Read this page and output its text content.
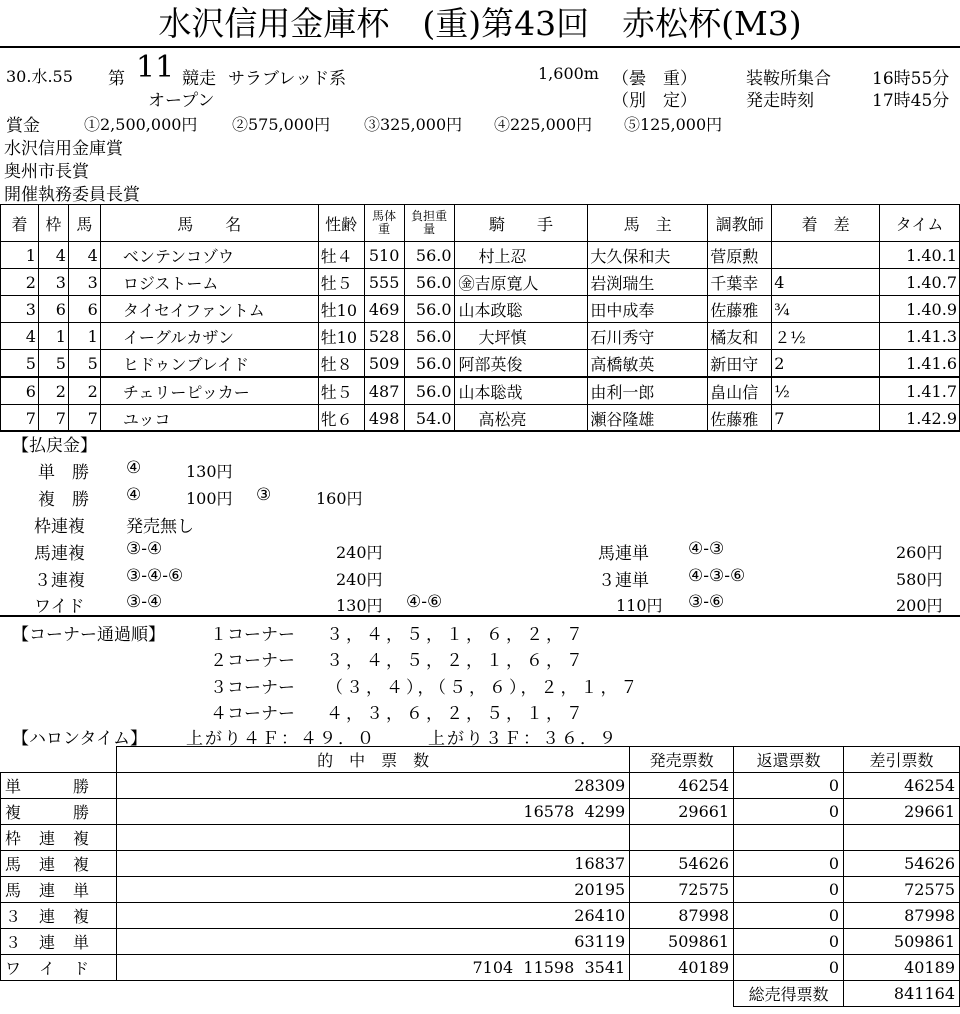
水沢信用金庫杯　(重)第43回　赤松杯(M3)
30.水.55 第 11 競走 サラブレッド系
オープン
1,600m （曇　重）
（別　定）
装鞍所集合 16時55分
発走時刻	17時45分
賞金	①2,500,000円 ②575,000円 ③325,000円 ④225,000円 ⑤125,000円
水沢信用金庫賞
奥州市長賞
開催執務委員長賞
着	枠	馬	馬　　名	性齢	馬体重	負担重量	騎　　手	馬　主	調教師	着　差	タイム
1	4	4	ベンテンコゾウ	牡４	510	56.0	村上忍	大久保和夫	菅原勲		1.40.1
2	3	3	ロジストーム	牡５	555	56.0	㊎吉原寛人	岩渕瑞生	千葉幸	4	1.40.7
3	6	6	タイセイファントム	牡10	469	56.0	山本政聡	田中成奉	佐藤雅	¾	1.40.9
4	1	1	イーグルカザン	牡10	528	56.0	大坪慎	石川秀守	橘友和	２½	1.41.3
5	5	5	ヒドゥンブレイド	牡８	509	56.0	阿部英俊	高橋敏英	新田守	2	1.41.6
6	2	2	チェリーピッカー	牡５	487	56.0	山本聡哉	由利一郎	畠山信	½	1.41.7
7	7	7	ユッコ	牝６	498	54.0	高松亮	瀬谷隆雄	佐藤雅	7	1.42.9
【払戻金】
単　勝 ④	130円
複　勝 ④	100円 ③	160円
枠連複 発売無し
馬連複 ③-④	240円	馬連単 ④-③	260円
３連複 ③-④-⑥	240円	３連単 ④-③-⑥	580円
ワイド ③-④	130円 ④-⑥	110円 ③-⑥	200円
【コーナー通過順】	１コーナー ３，４，５，１，６，２，７
２コーナー ３，４，５，２，１，６，７
３コーナー （３，４），（５，６），２，１，７
４コーナー ４，３，６，２，５，１，７
【ハロンタイム】 上がり４Ｆ：４９．０	上がり３Ｆ：３６．９
	的　中　票　数	発売票数	返還票数	差引票数
単　　　勝	28309	46254	0	46254
複　　　勝	16578  4299	29661	0	29661
枠　連　複				
馬　連　複	16837	54626	0	54626
馬　連　単	20195	72575	0	72575
３　連　複	26410	87998	0	87998
３　連　単	63119	509861	0	509861
ワ　イ　ド	7104  11598  3541	40189	0	40189
			総売得票数	841164
